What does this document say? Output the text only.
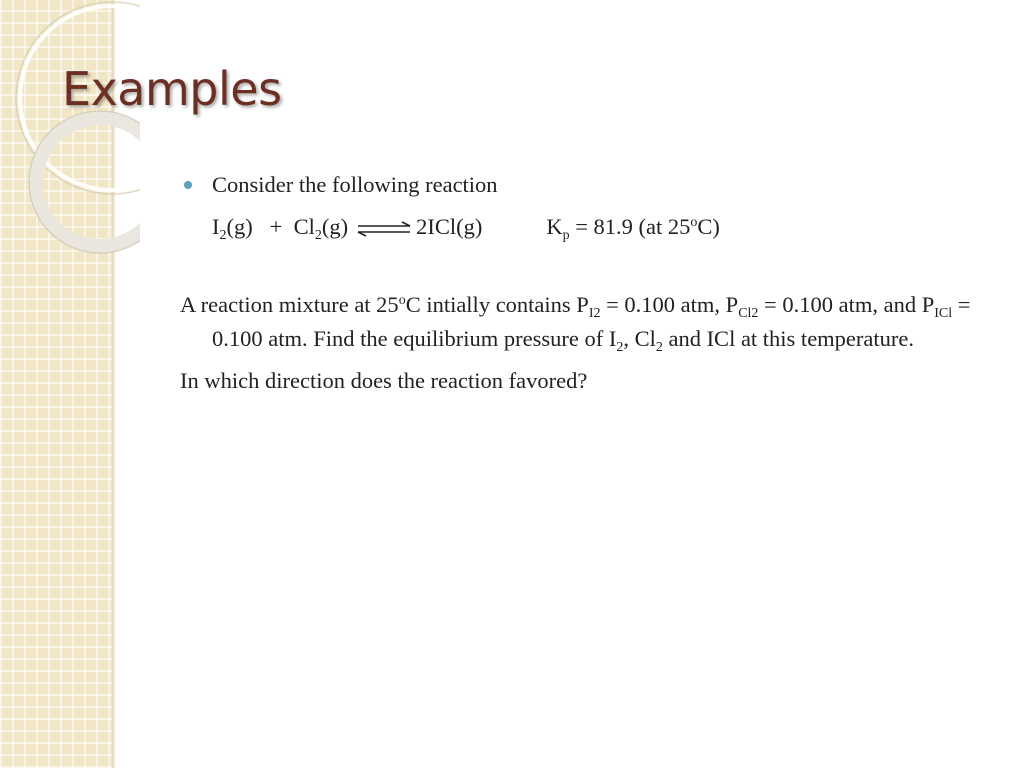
Examples
Consider the following reaction
$I_2(g) + Cl_2(g)$ ⇌ 2ICl(g)	$K_p = 81.9$ (at 25$^o$C)
A reaction mixture at 25$^o$C intially contains $P_{I2} = 0.100$ atm, $P_{Cl2} = 0.100$ atm, and $P_{ICl} = 0.100$ atm. Find the equilibrium pressure of $I_2$, $Cl_2$ and ICl at this temperature.
In which direction does the reaction favored?
